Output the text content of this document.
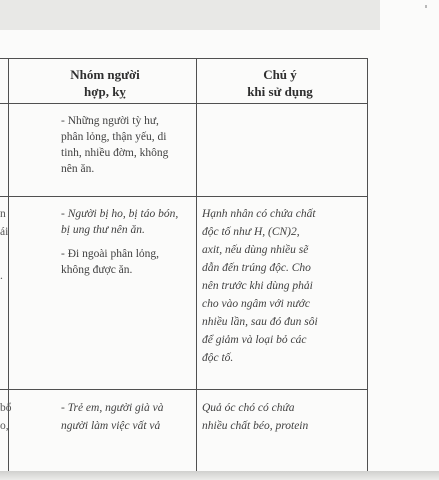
Nhóm người

hợp, kỵ

Chú ý

khi sử dụng

- Những người tỳ hư,

phân lỏng, thận yếu, di

tinh, nhiều đờm, không

nên ăn.

n
ái
.

- Người bị ho, bị táo bón,

bị ung thư nên ăn.

- Đi ngoài phân lỏng,

không được ăn.

Hạnh nhân có chứa chất

độc tố như H, (CN)2,

axit, nếu dùng nhiều sẽ

dẫn đến trúng độc. Cho

nên trước khi dùng phải

cho vào ngâm với nước

nhiều lần, sau đó đun sôi

để giảm và loại bỏ các

độc tố.

bổ
o,

- Trẻ em, người già và

người làm việc vất vả

Quả óc chó có chứa

nhiều chất béo, protein
